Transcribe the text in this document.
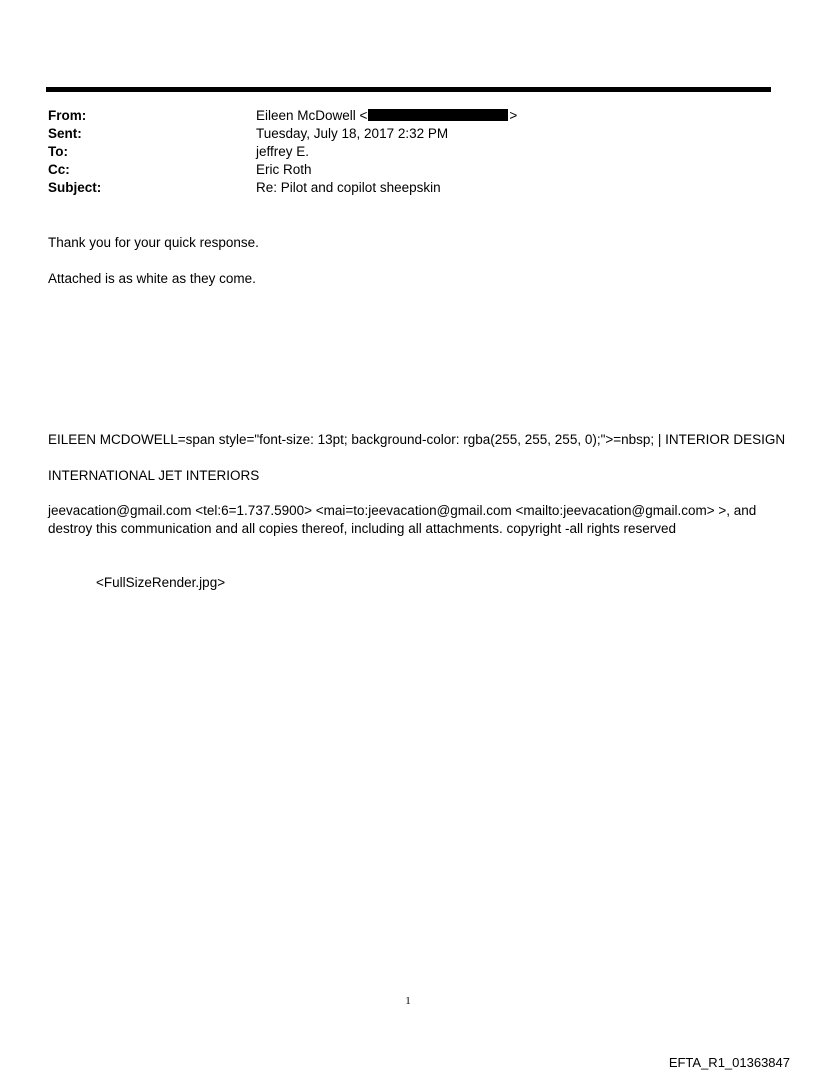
From:	Eileen McDowell <	>
Sent:	Tuesday, July 18, 2017 2:32 PM
To:	jeffrey E.
Cc:	Eric Roth
Subject:	Re: Pilot and copilot sheepskin
Thank you for your quick response.
Attached is as white as they come.
EILEEN MCDOWELL=span style="font-size: 13pt; background-color: rgba(255, 255, 255, 0);">=nbsp; | INTERIOR DESIGN
INTERNATIONAL JET INTERIORS
jeevacation@gmail.com <tel:6=1.737.5900> <mai=to:jeevacation@gmail.com <mailto:jeevacation@gmail.com> >, and destroy this communication and all copies thereof, including all attachments. copyright -all rights reserved
<FullSizeRender.jpg>
1
EFTA_R1_01363847
